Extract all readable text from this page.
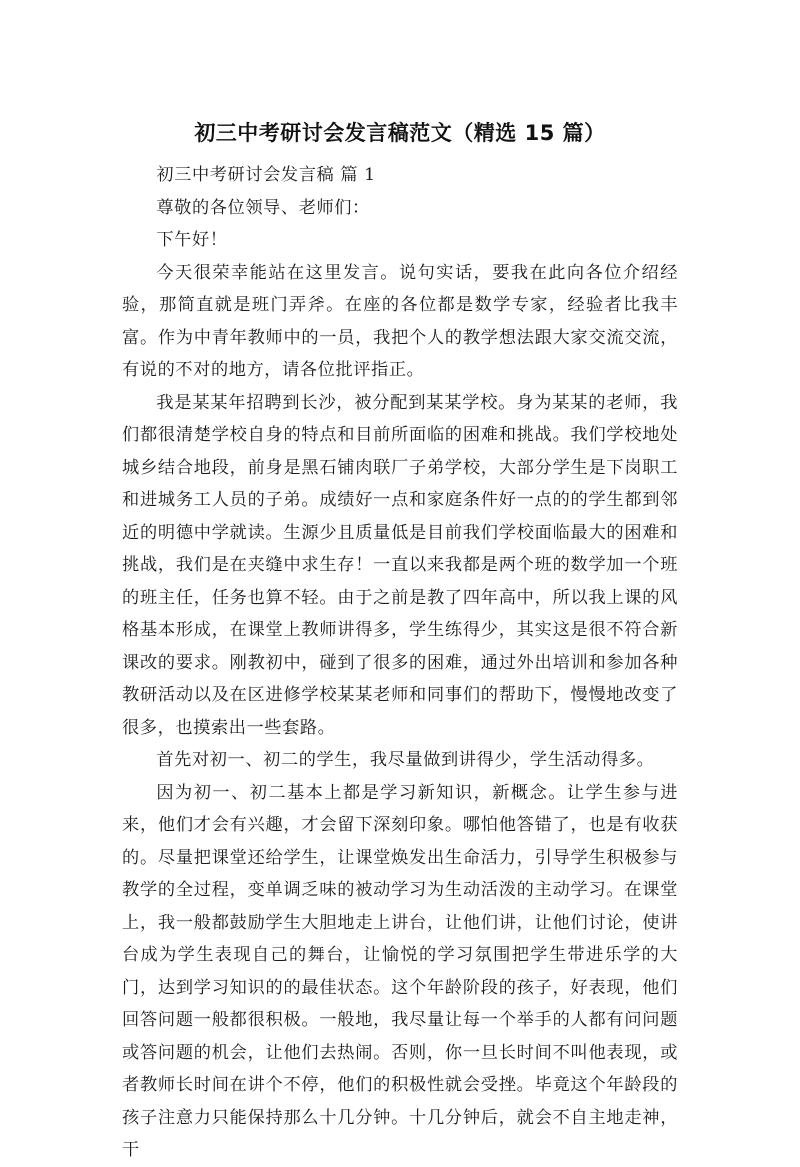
初三中考研讨会发言稿范文（精选 15 篇）

初三中考研讨会发言稿 篇 1

尊敬的各位领导、老师们：

下午好！

今天很荣幸能站在这里发言。说句实话，要我在此向各位介绍经验，那简直就是班门弄斧。在座的各位都是数学专家，经验者比我丰富。作为中青年教师中的一员，我把个人的教学想法跟大家交流交流，有说的不对的地方，请各位批评指正。

我是某某年招聘到长沙，被分配到某某学校。身为某某的老师，我们都很清楚学校自身的特点和目前所面临的困难和挑战。我们学校地处城乡结合地段，前身是黑石铺肉联厂子弟学校，大部分学生是下岗职工和进城务工人员的子弟。成绩好一点和家庭条件好一点的的学生都到邻近的明德中学就读。生源少且质量低是目前我们学校面临最大的困难和挑战，我们是在夹缝中求生存！一直以来我都是两个班的数学加一个班的班主任，任务也算不轻。由于之前是教了四年高中，所以我上课的风格基本形成，在课堂上教师讲得多，学生练得少，其实这是很不符合新课改的要求。刚教初中，碰到了很多的困难，通过外出培训和参加各种教研活动以及在区进修学校某某老师和同事们的帮助下，慢慢地改变了很多，也摸索出一些套路。

首先对初一、初二的学生，我尽量做到讲得少，学生活动得多。

因为初一、初二基本上都是学习新知识，新概念。让学生参与进来，他们才会有兴趣，才会留下深刻印象。哪怕他答错了，也是有收获的。尽量把课堂还给学生，让课堂焕发出生命活力，引导学生积极参与教学的全过程，变单调乏味的被动学习为生动活泼的主动学习。在课堂上，我一般都鼓励学生大胆地走上讲台，让他们讲，让他们讨论，使讲台成为学生表现自己的舞台，让愉悦的学习氛围把学生带进乐学的大门，达到学习知识的的最佳状态。这个年龄阶段的孩子，好表现，他们回答问题一般都很积极。一般地，我尽量让每一个举手的人都有问问题或答问题的机会，让他们去热闹。否则，你一旦长时间不叫他表现，或者教师长时间在讲个不停，他们的积极性就会受挫。毕竟这个年龄段的孩子注意力只能保持那么十几分钟。十几分钟后，就会不自主地走神，干
